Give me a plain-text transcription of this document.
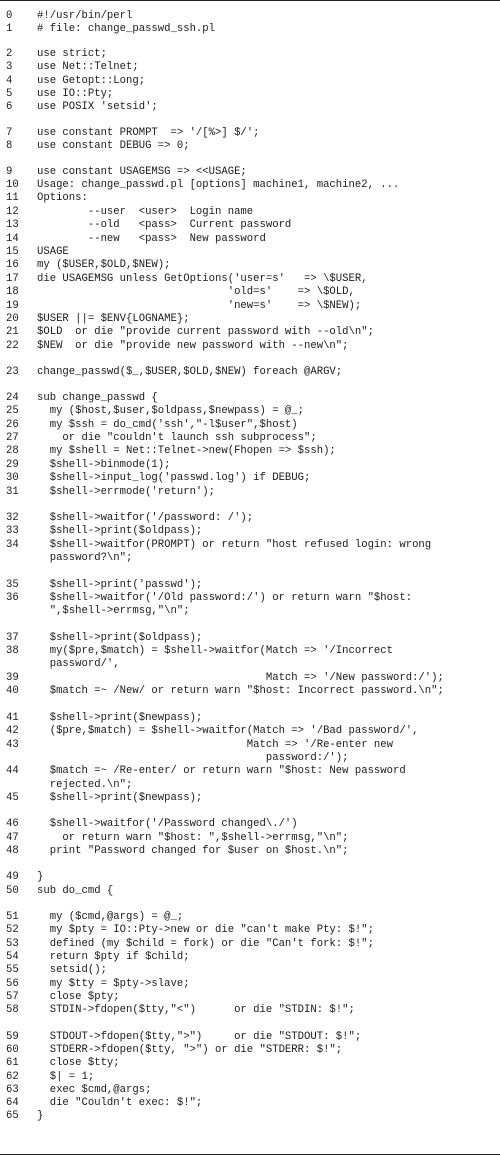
0	#!/usr/bin/perl
1	# file: change_passwd_ssh.pl
2	use strict;
3	use Net::Telnet;
4	use Getopt::Long;
5	use IO::Pty;
6	use POSIX 'setsid';
7	use constant PROMPT  => '/[%>] $/';
8	use constant DEBUG => 0;
9	use constant USAGEMSG => <<USAGE;
10	Usage: change_passwd.pl [options] machine1, machine2, ...
11	Options:
12	--user  <user>  Login name
13	--old   <pass>  Current password
14	--new   <pass>  New password
15	USAGE
16	my ($USER,$OLD,$NEW);
17	die USAGEMSG unless GetOptions('user=s'   => \$USER,
18	'old=s'    => \$OLD,
19	'new=s'    => \$NEW);
20	$USER ||= $ENV{LOGNAME};
21	$OLD  or die "provide current password with --old\n";
22	$NEW  or die "provide new password with --new\n";
23	change_passwd($_,$USER,$OLD,$NEW) foreach @ARGV;
24	sub change_passwd {
25	my ($host,$user,$oldpass,$newpass) = @_;
26	my $ssh = do_cmd('ssh',"-l$user",$host)
27	or die "couldn't launch ssh subprocess";
28	my $shell = Net::Telnet->new(Fhopen => $ssh);
29	$shell->binmode(1);
30	$shell->input_log('passwd.log') if DEBUG;
31	$shell->errmode('return');
32	$shell->waitfor('/password: /');
33	$shell->print($oldpass);
34	$shell->waitfor(PROMPT) or return "host refused login: wrong
password?\n";
35	$shell->print('passwd');
36	$shell->waitfor('/Old password:/') or return warn "$host:
",$shell->errmsg,"\n";
37	$shell->print($oldpass);
38	my($pre,$match) = $shell->waitfor(Match => '/Incorrect
password/',
39	Match => '/New password:/');
40	$match =~ /New/ or return warn "$host: Incorrect password.\n";
41	$shell->print($newpass);
42	($pre,$match) = $shell->waitfor(Match => '/Bad password/',
43	Match => '/Re-enter new
password:/');
44	$match =~ /Re-enter/ or return warn "$host: New password
rejected.\n";
45	$shell->print($newpass);
46	$shell->waitfor('/Password changed\./')
47	or return warn "$host: ",$shell->errmsg,"\n";
48	print "Password changed for $user on $host.\n";
49	}
50	sub do_cmd {
51	my ($cmd,@args) = @_;
52	my $pty = IO::Pty->new or die "can't make Pty: $!";
53	defined (my $child = fork) or die "Can't fork: $!";
54	return $pty if $child;
55	setsid();
56	my $tty = $pty->slave;
57	close $pty;
58	STDIN->fdopen($tty,"<")      or die "STDIN: $!";
59	STDOUT->fdopen($tty,">")     or die "STDOUT: $!";
60	STDERR->fdopen($tty, ">") or die "STDERR: $!";
61	close $tty;
62	$| = 1;
63	exec $cmd,@args;
64	die "Couldn't exec: $!";
65	}
